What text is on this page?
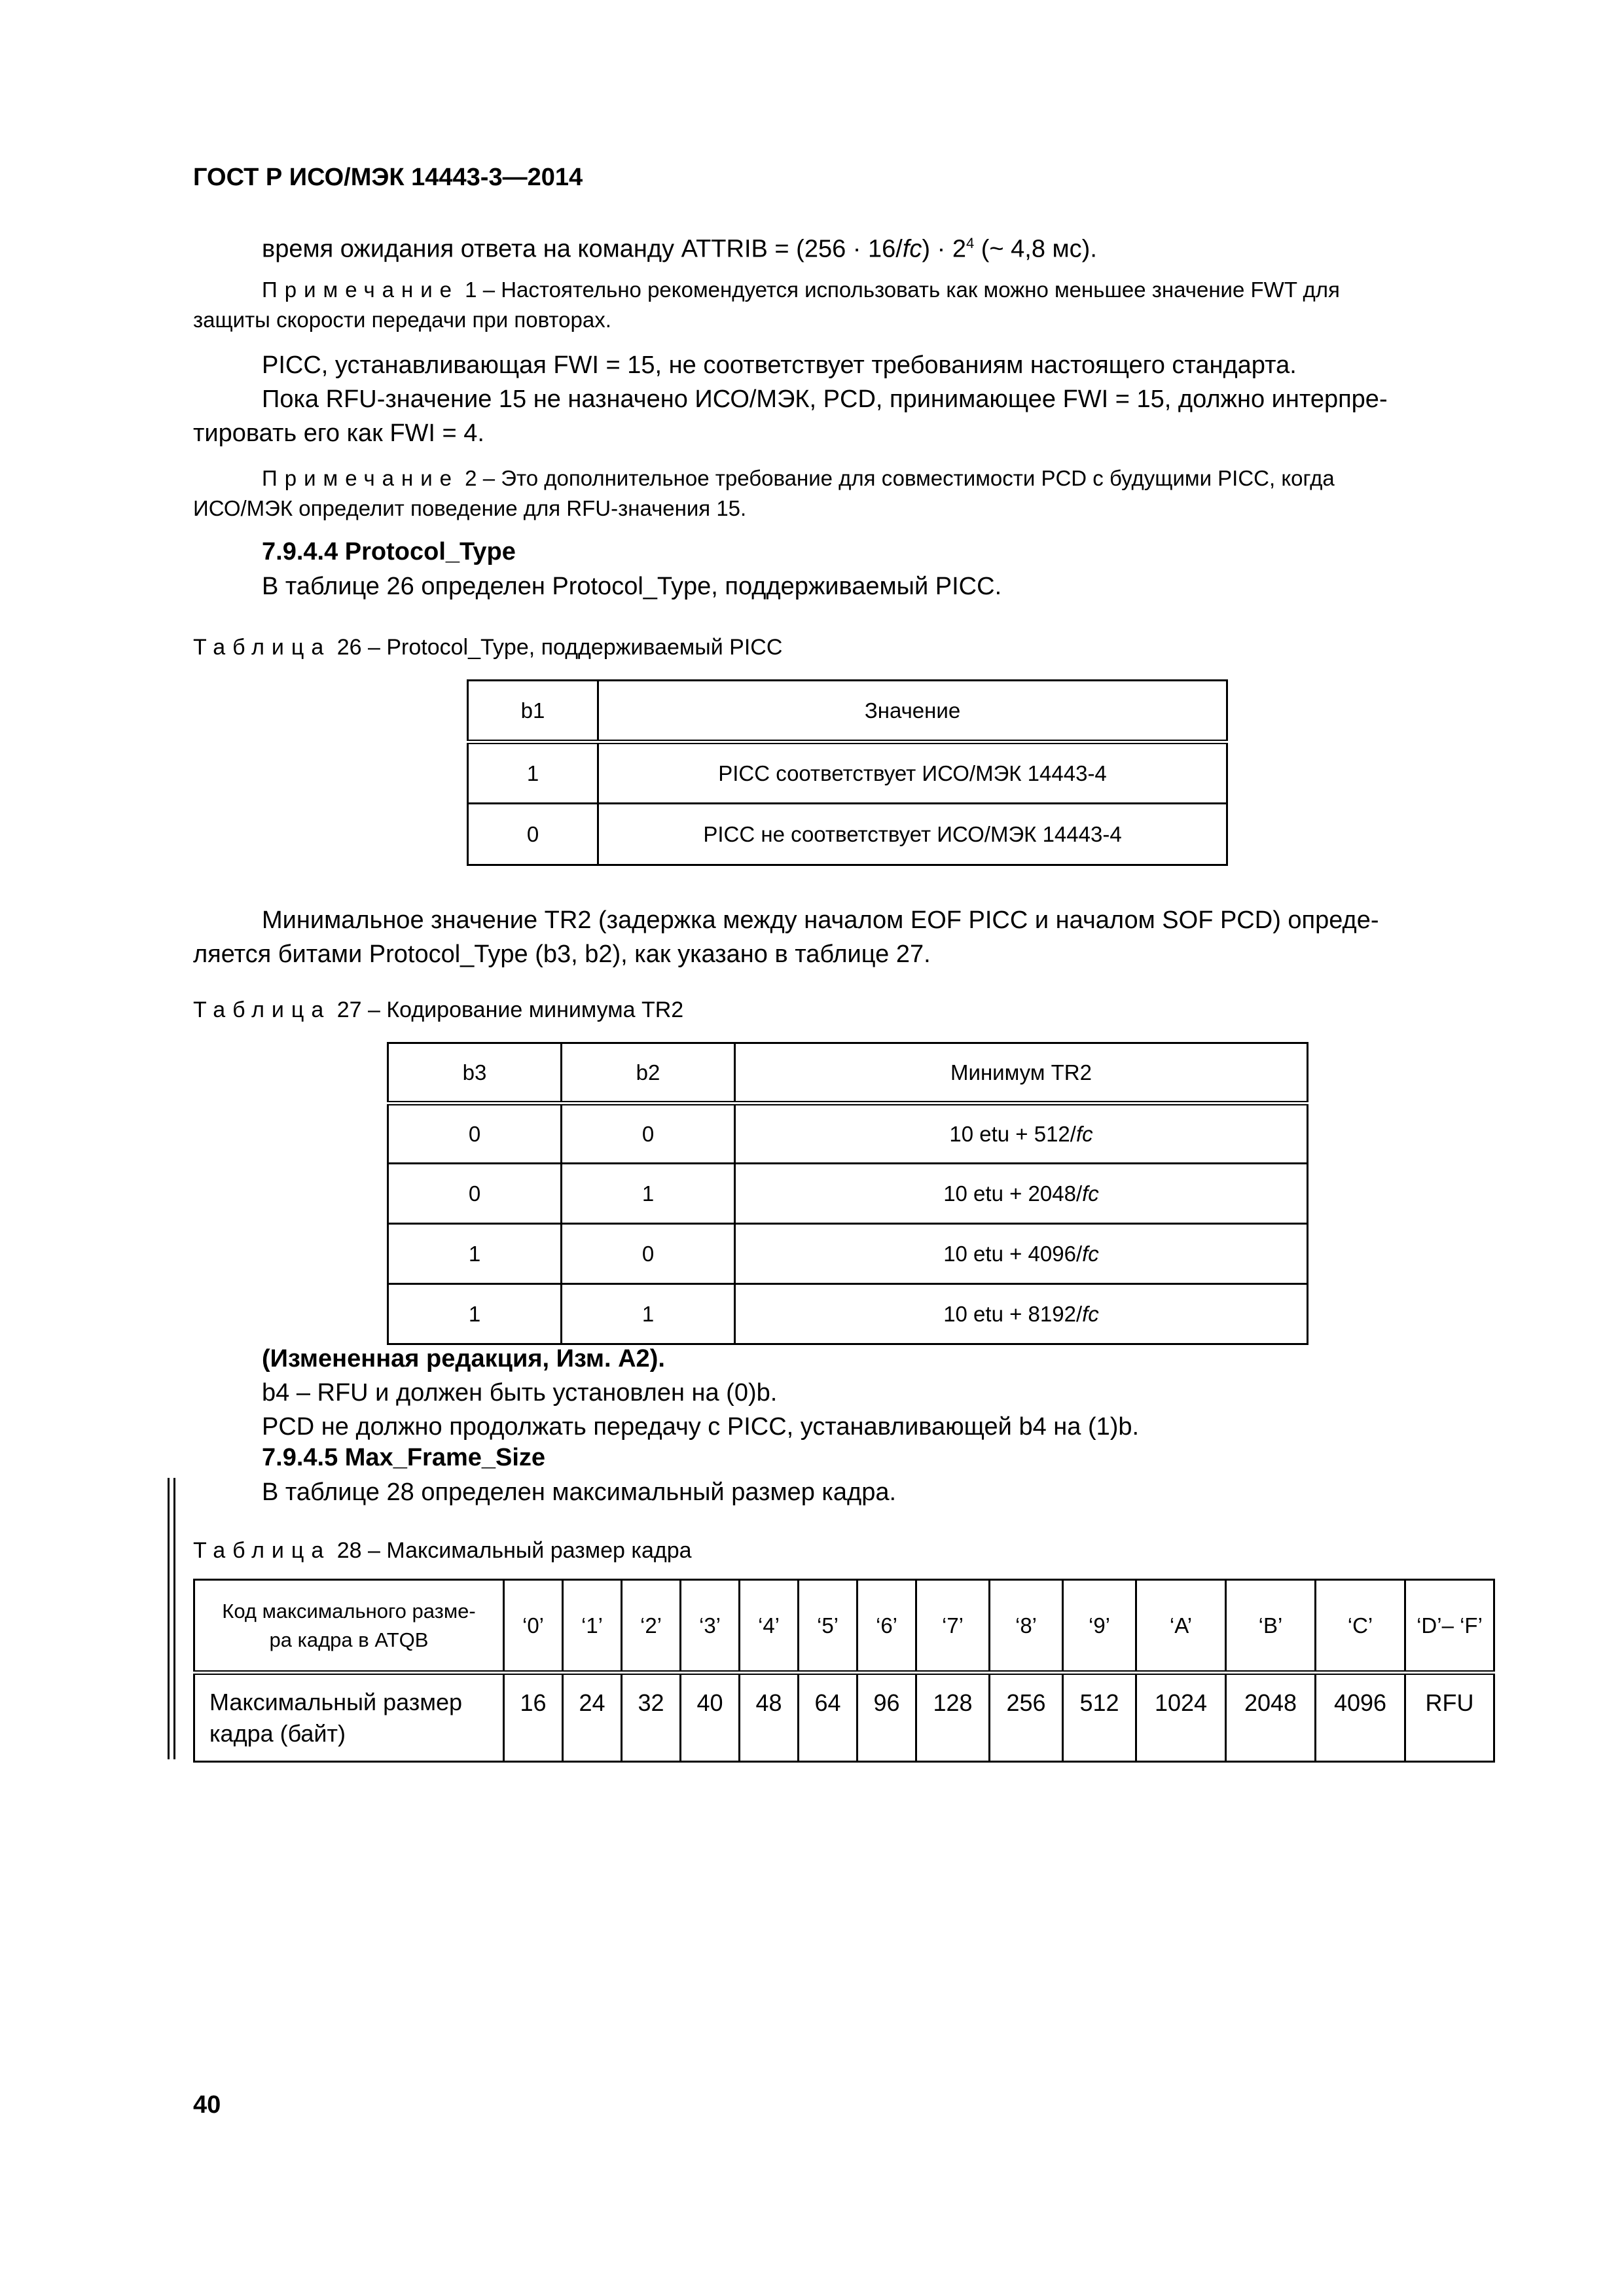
ГОСТ Р ИСО/МЭК 14443-3—2014
время ожидания ответа на команду ATTRIB = $(256 \cdot 16/fc) \cdot 2^4$ (~ 4,8 мс).
Примечание 1 – Настоятельно рекомендуется использовать как можно меньшее значение FWT для
защиты скорости передачи при повторах.
PICC, устанавливающая FWI = 15, не соответствует требованиям настоящего стандарта.
Пока RFU-значение 15 не назначено ИСО/МЭК, PCD, принимающее FWI = 15, должно интерпре-
тировать его как FWI = 4.
Примечание 2 – Это дополнительное требование для совместимости PCD с будущими PICC, когда
ИСО/МЭК определит поведение для RFU-значения 15.
7.9.4.4 Protocol_Type
В таблице 26 определен Protocol_Type, поддерживаемый PICC.
Таблица 26 – Protocol_Type, поддерживаемый PICC
b1	Значение
1	PICC соответствует ИСО/МЭК 14443-4
0	PICC не соответствует ИСО/МЭК 14443-4
Минимальное значение TR2 (задержка между началом EOF PICC и началом SOF PCD) опреде-
ляется битами Protocol_Type (b3, b2), как указано в таблице 27.
Таблица 27 – Кодирование минимума TR2
b3	b2	Минимум TR2
0	0	10 etu + 512/fc
0	1	10 etu + 2048/fc
1	0	10 etu + 4096/fc
1	1	10 etu + 8192/fc
(Измененная редакция, Изм. А2).
b4 – RFU и должен быть установлен на (0)b.
PCD не должно продолжать передачу с PICC, устанавливающей b4 на (1)b.
7.9.4.5 Max_Frame_Size
В таблице 28 определен максимальный размер кадра.
Таблица 28 – Максимальный размер кадра
Код максимального разме-
ра кадра в ATQB	‘0’	‘1’	‘2’	‘3’	‘4’	‘5’	‘6’	‘7’	‘8’	‘9’	‘A’	‘B’	‘C’	‘D’– ‘F’

Максимальный размер
кадра (байт)	16	24	32	40	48	64	96	128	256	512	1024	2048	4096	RFU
40
